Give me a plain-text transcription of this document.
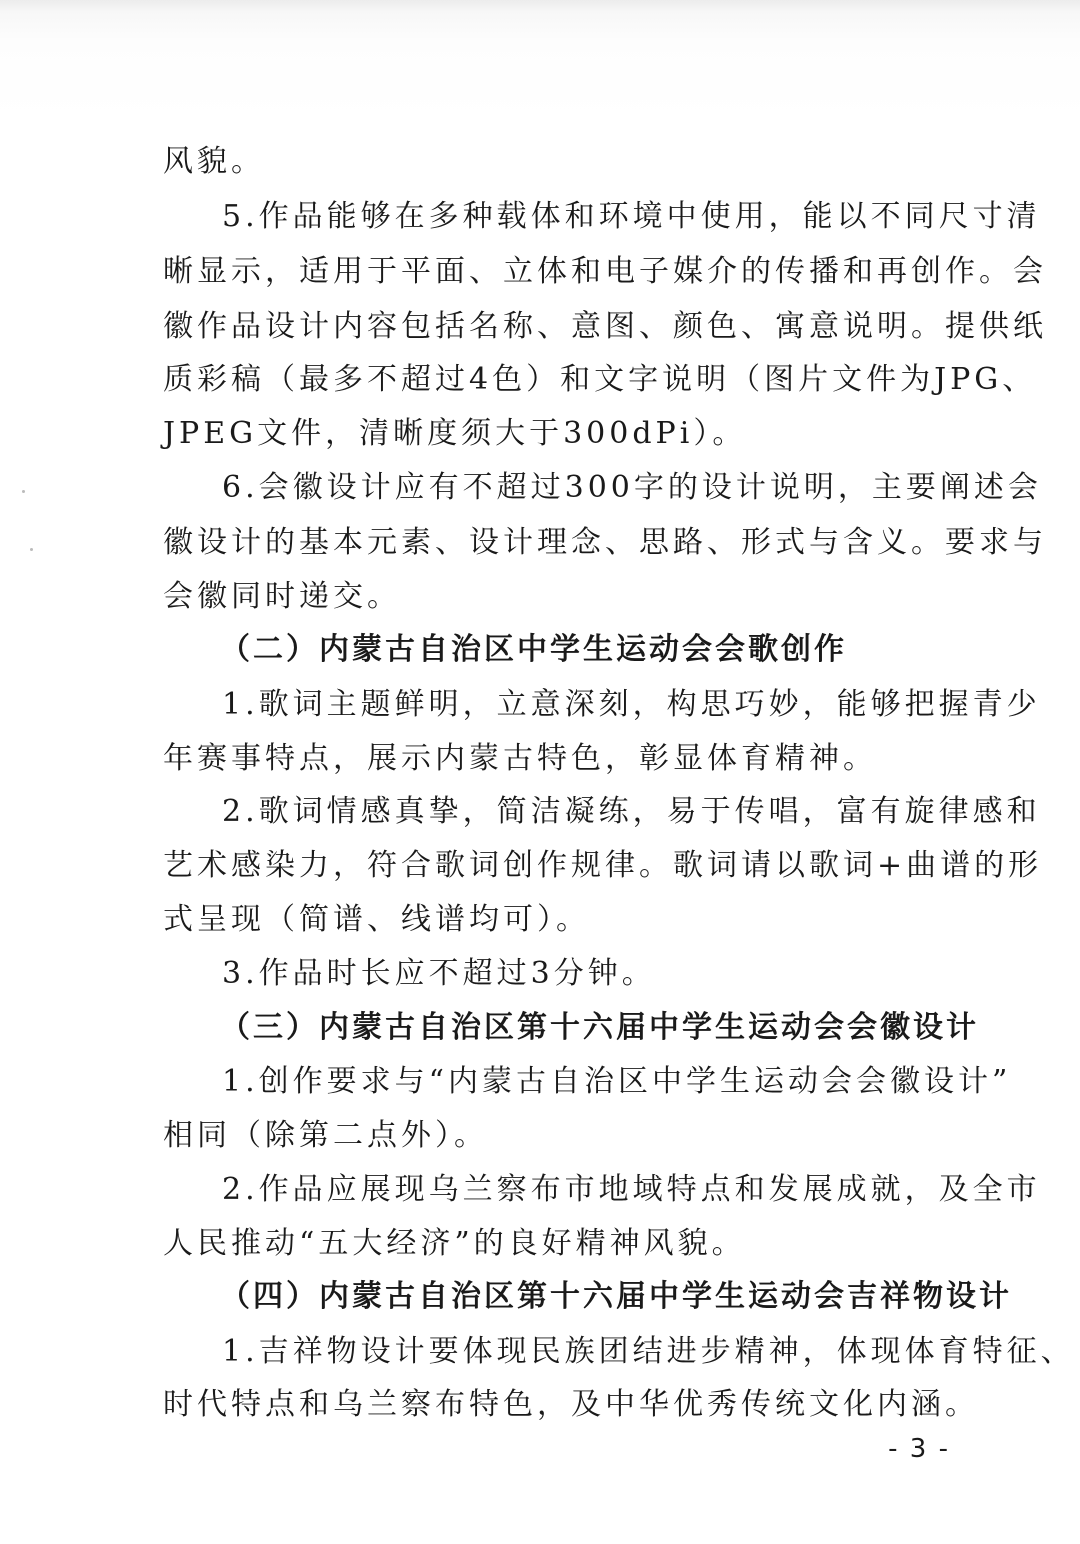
风貌。
5.作品能够在多种载体和环境中使用，能以不同尺寸清
晰显示，适用于平面、立体和电子媒介的传播和再创作。会
徽作品设计内容包括名称、意图、颜色、寓意说明。提供纸
质彩稿（最多不超过4色）和文字说明（图片文件为JPG、
JPEG文件，清晰度须大于300dPi）。
6.会徽设计应有不超过300字的设计说明，主要阐述会
徽设计的基本元素、设计理念、思路、形式与含义。要求与
会徽同时递交。
（二）内蒙古自治区中学生运动会会歌创作
1.歌词主题鲜明，立意深刻，构思巧妙，能够把握青少
年赛事特点，展示内蒙古特色，彰显体育精神。
2.歌词情感真挚，简洁凝练，易于传唱，富有旋律感和
艺术感染力，符合歌词创作规律。歌词请以歌词+曲谱的形
式呈现（简谱、线谱均可）。
3.作品时长应不超过3分钟。
（三）内蒙古自治区第十六届中学生运动会会徽设计
1.创作要求与“内蒙古自治区中学生运动会会徽设计”
相同（除第二点外）。
2.作品应展现乌兰察布市地域特点和发展成就，及全市
人民推动“五大经济”的良好精神风貌。
（四）内蒙古自治区第十六届中学生运动会吉祥物设计
1.吉祥物设计要体现民族团结进步精神，体现体育特征、
时代特点和乌兰察布特色，及中华优秀传统文化内涵。
- 3 -
